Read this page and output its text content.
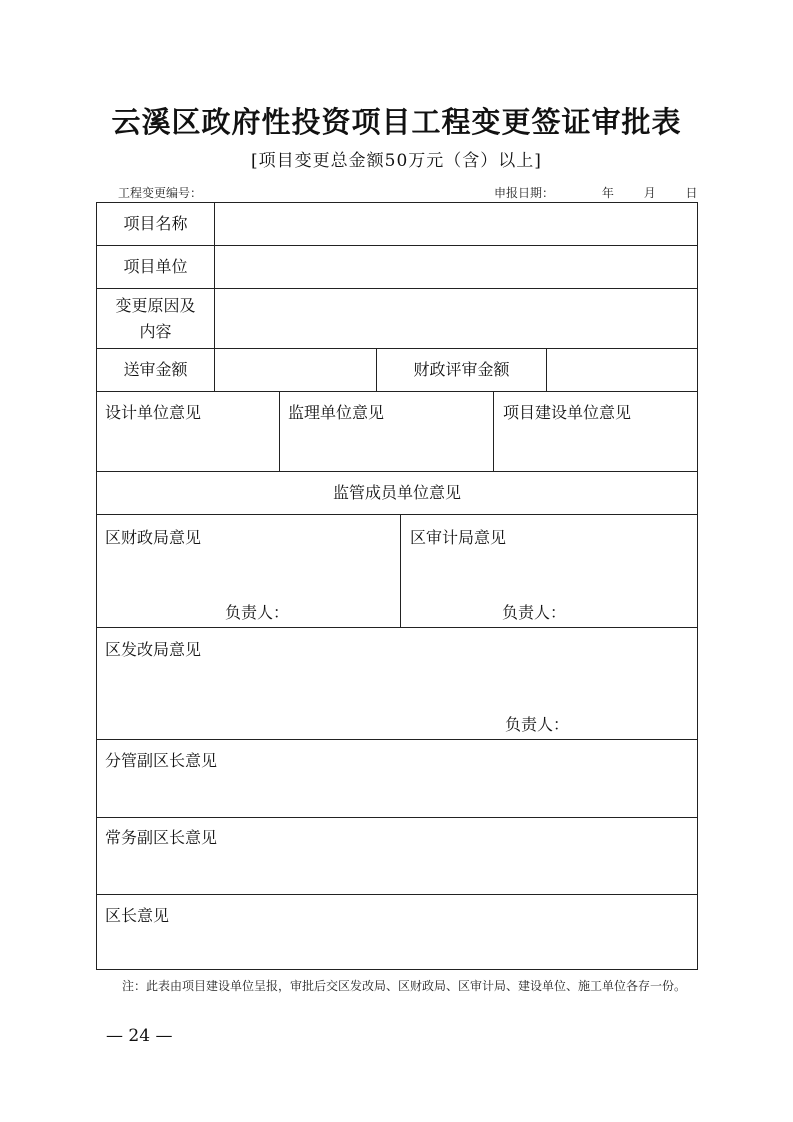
云溪区政府性投资项目工程变更签证审批表
[项目变更总金额50万元（含）以上]
工程变更编号：	申报日期：	年 月 日
项目名称
项目单位
变更原因及
内容
送审金额	财政评审金额
设计单位意见	监理单位意见	项目建设单位意见
监管成员单位意见
区财政局意见
负责人：
区审计局意见
负责人：
区发改局意见
负责人：
分管副区长意见
常务副区长意见
区长意见
注：此表由项目建设单位呈报，审批后交区发改局、区财政局、区审计局、建设单位、施工单位各存一份。
— 24 —
